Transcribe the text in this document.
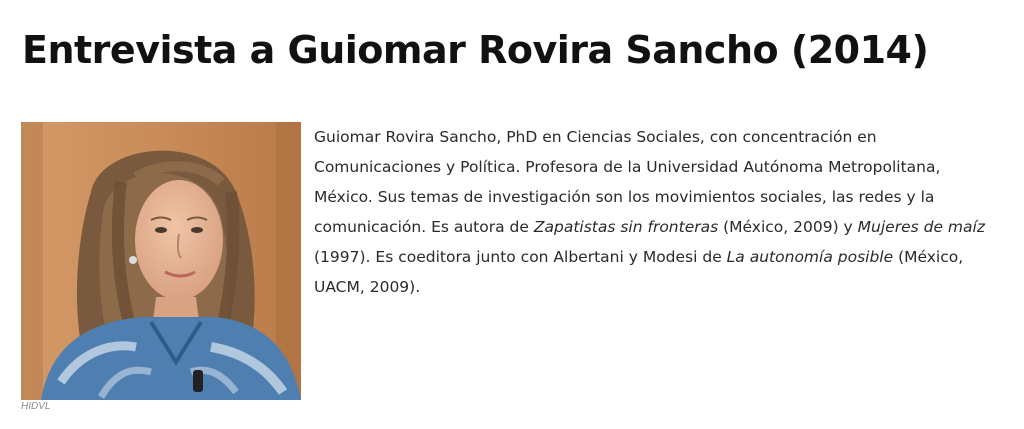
Entrevista a Guiomar Rovira Sancho (2014)
HIDVL

Guiomar Rovira Sancho, PhD en Ciencias Sociales, con concentración en Comunicaciones y Política. Profesora de la Universidad Autónoma Metropolitana, México. Sus temas de investigación son los movimientos sociales, las redes y la comunicación. Es autora de Zapatistas sin fronteras (México, 2009) y Mujeres de maíz (1997). Es coeditora junto con Albertani y Modesi de La autonomía posible (México, UACM, 2009).
